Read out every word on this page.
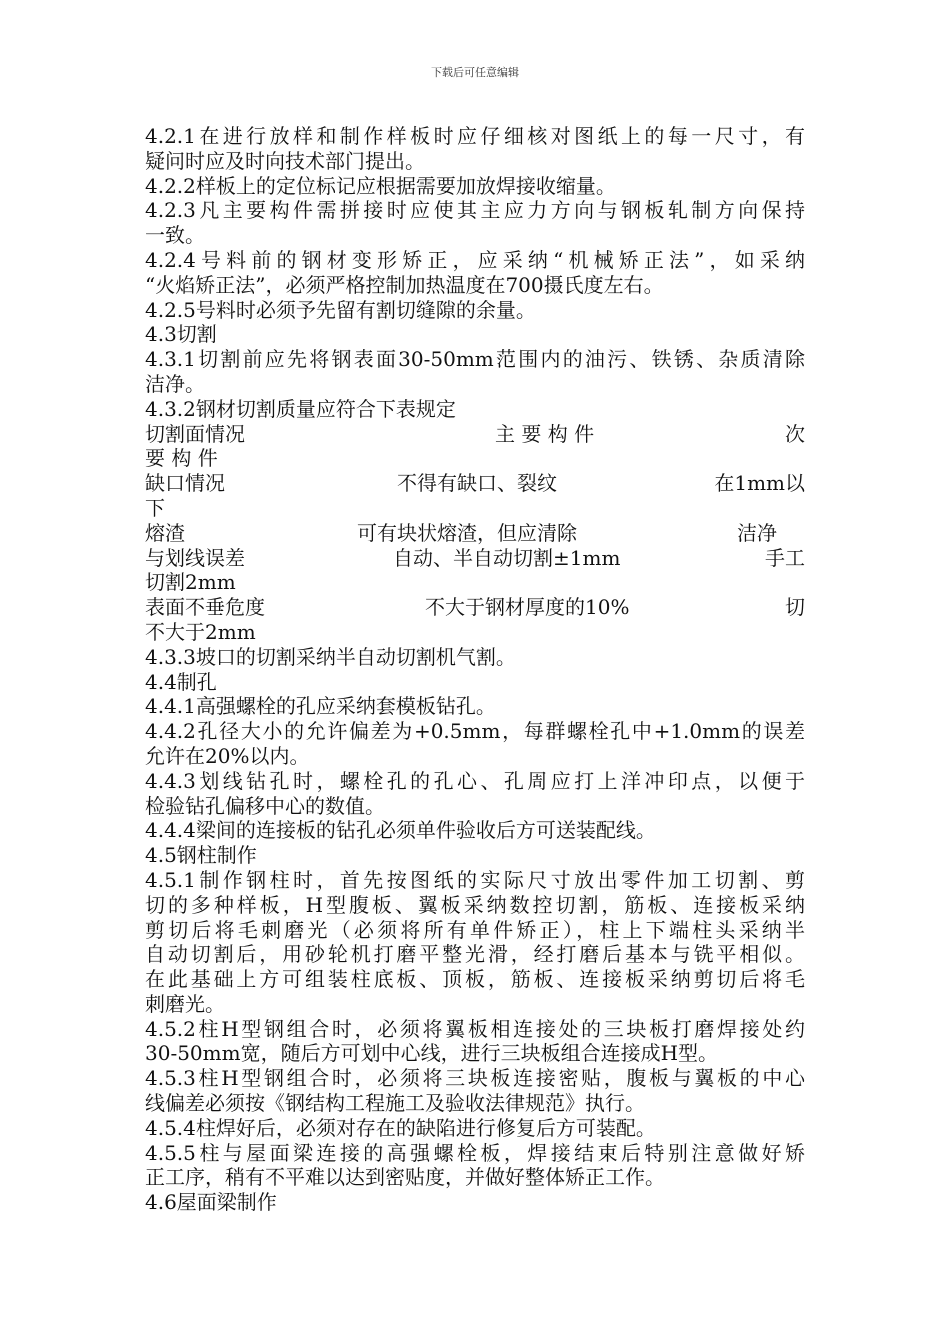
下载后可任意编辑
4.2.1在进行放样和制作样板时应仔细核对图纸上的每一尺寸，有
疑问时应及时向技术部门提出。
4.2.2样板上的定位标记应根据需要加放焊接收缩量。
4.2.3凡主要构件需拼接时应使其主应力方向与钢板轧制方向保持
一致。
4.2.4号料前的钢材变形矫正，应采纳“机械矫正法”，如采纳
“火焰矫正法”，必须严格控制加热温度在700摄氏度左右。
4.2.5号料时必须予先留有割切缝隙的余量。
4.3切割
4.3.1切割前应先将钢表面30-50mm范围内的油污、铁锈、杂质清除
洁净。
4.3.2钢材切割质量应符合下表规定
切割面情况	主 要 构 件	次
要 构 件
缺口情况	不得有缺口、裂纹	在1mm以
下
熔渣	可有块状熔渣，但应清除	洁净
与划线误差	自动、半自动切割±1mm	手工
切割2mm
表面不垂危度	不大于钢材厚度的10%	切
不大于2mm
4.3.3坡口的切割采纳半自动切割机气割。
4.4制孔
4.4.1高强螺栓的孔应采纳套模板钻孔。
4.4.2孔径大小的允许偏差为+0.5mm，每群螺栓孔中+1.0mm的误差
允许在20%以内。
4.4.3划线钻孔时，螺栓孔的孔心、孔周应打上洋冲印点，以便于
检验钻孔偏移中心的数值。
4.4.4梁间的连接板的钻孔必须单件验收后方可送装配线。
4.5钢柱制作
4.5.1制作钢柱时，首先按图纸的实际尺寸放出零件加工切割、剪
切的多种样板，H型腹板、翼板采纳数控切割，筋板、连接板采纳
剪切后将毛刺磨光（必须将所有单件矫正），柱上下端柱头采纳半
自动切割后，用砂轮机打磨平整光滑，经打磨后基本与铣平相似。
在此基础上方可组装柱底板、顶板，筋板、连接板采纳剪切后将毛
刺磨光。
4.5.2柱H型钢组合时，必须将翼板相连接处的三块板打磨焊接处约
30-50mm宽，随后方可划中心线，进行三块板组合连接成H型。
4.5.3柱H型钢组合时，必须将三块板连接密贴，腹板与翼板的中心
线偏差必须按《钢结构工程施工及验收法律规范》执行。
4.5.4柱焊好后，必须对存在的缺陷进行修复后方可装配。
4.5.5柱与屋面梁连接的高强螺栓板，焊接结束后特别注意做好矫
正工序，稍有不平难以达到密贴度，并做好整体矫正工作。
4.6屋面梁制作
